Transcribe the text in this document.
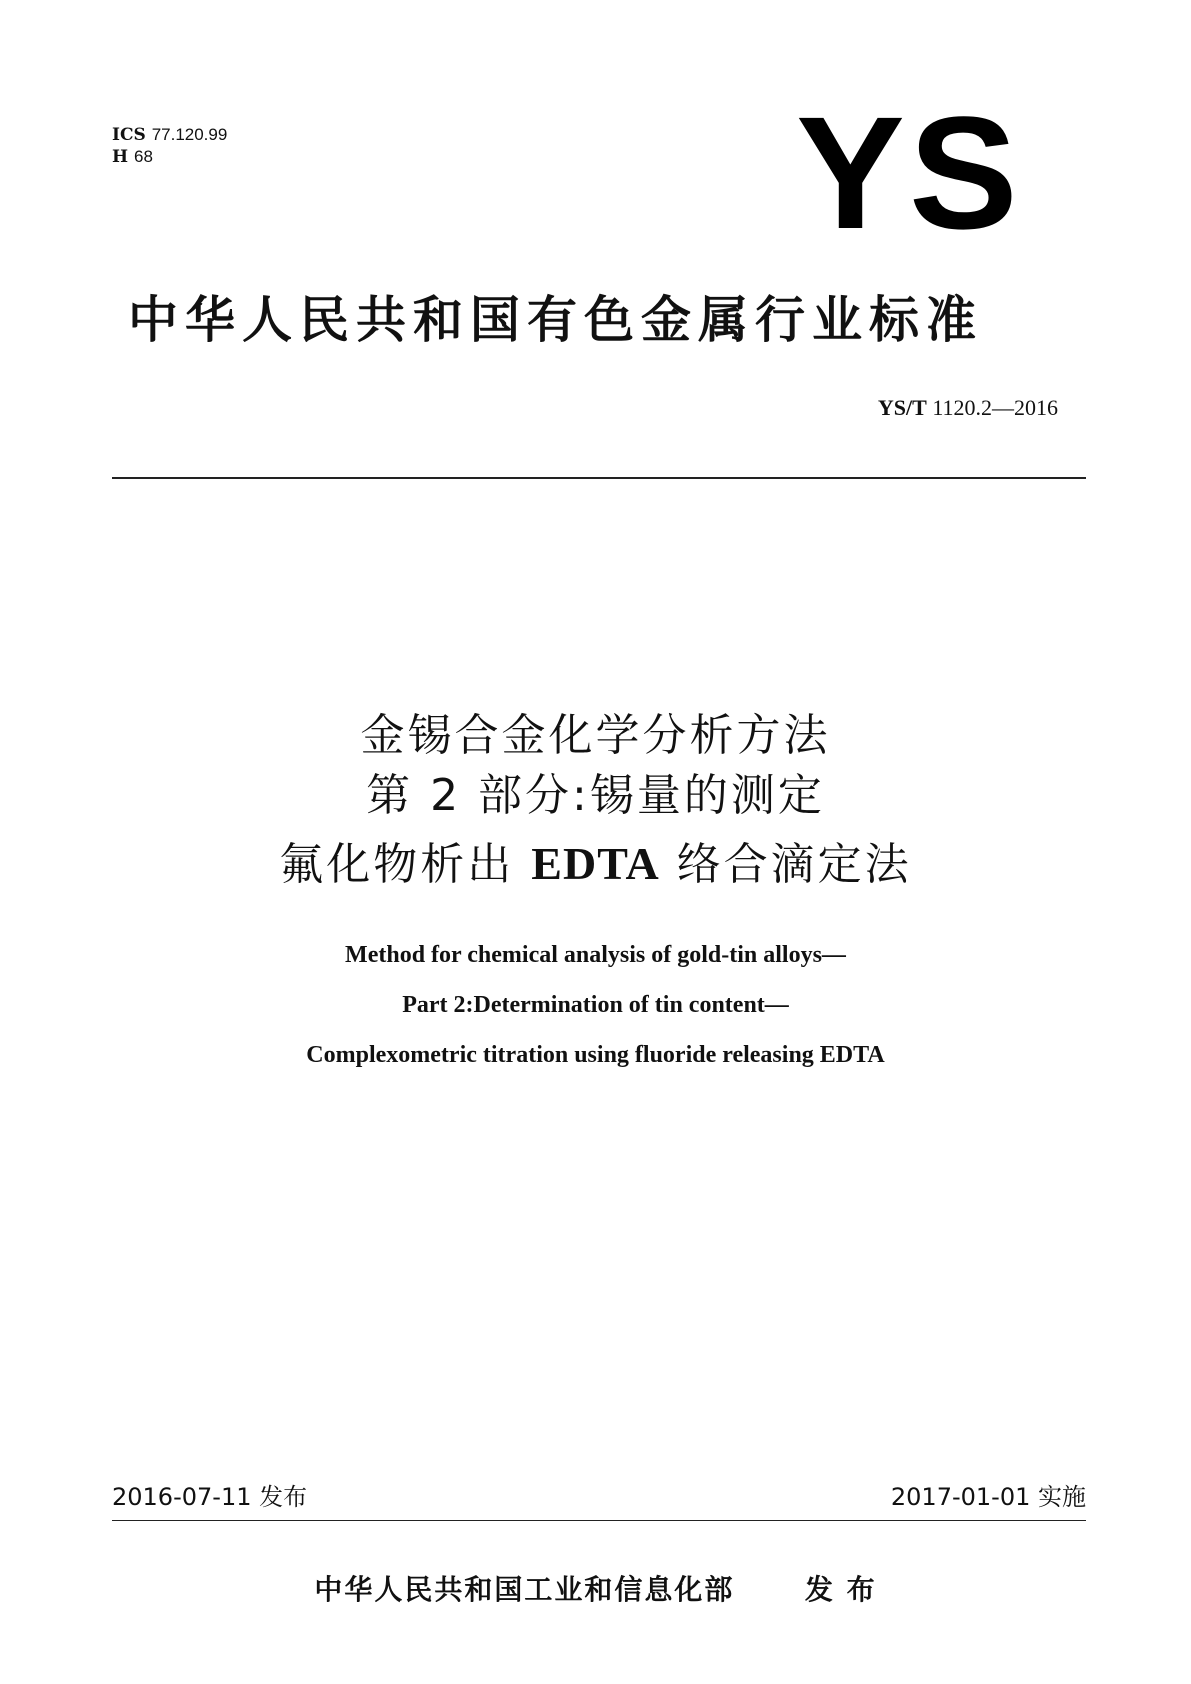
ICS 77.120.99
H 68	YS
中华人民共和国有色金属行业标准
YS/T 1120.2—2016
金锡合金化学分析方法
第 2 部分:锡量的测定
氟化物析出 EDTA 络合滴定法
Method for chemical analysis of gold-tin alloys—
Part 2:Determination of tin content—
Complexometric titration using fluoride releasing EDTA
2016-07-11 发布	2017-01-01 实施
中华人民共和国工业和信息化部      发 布
